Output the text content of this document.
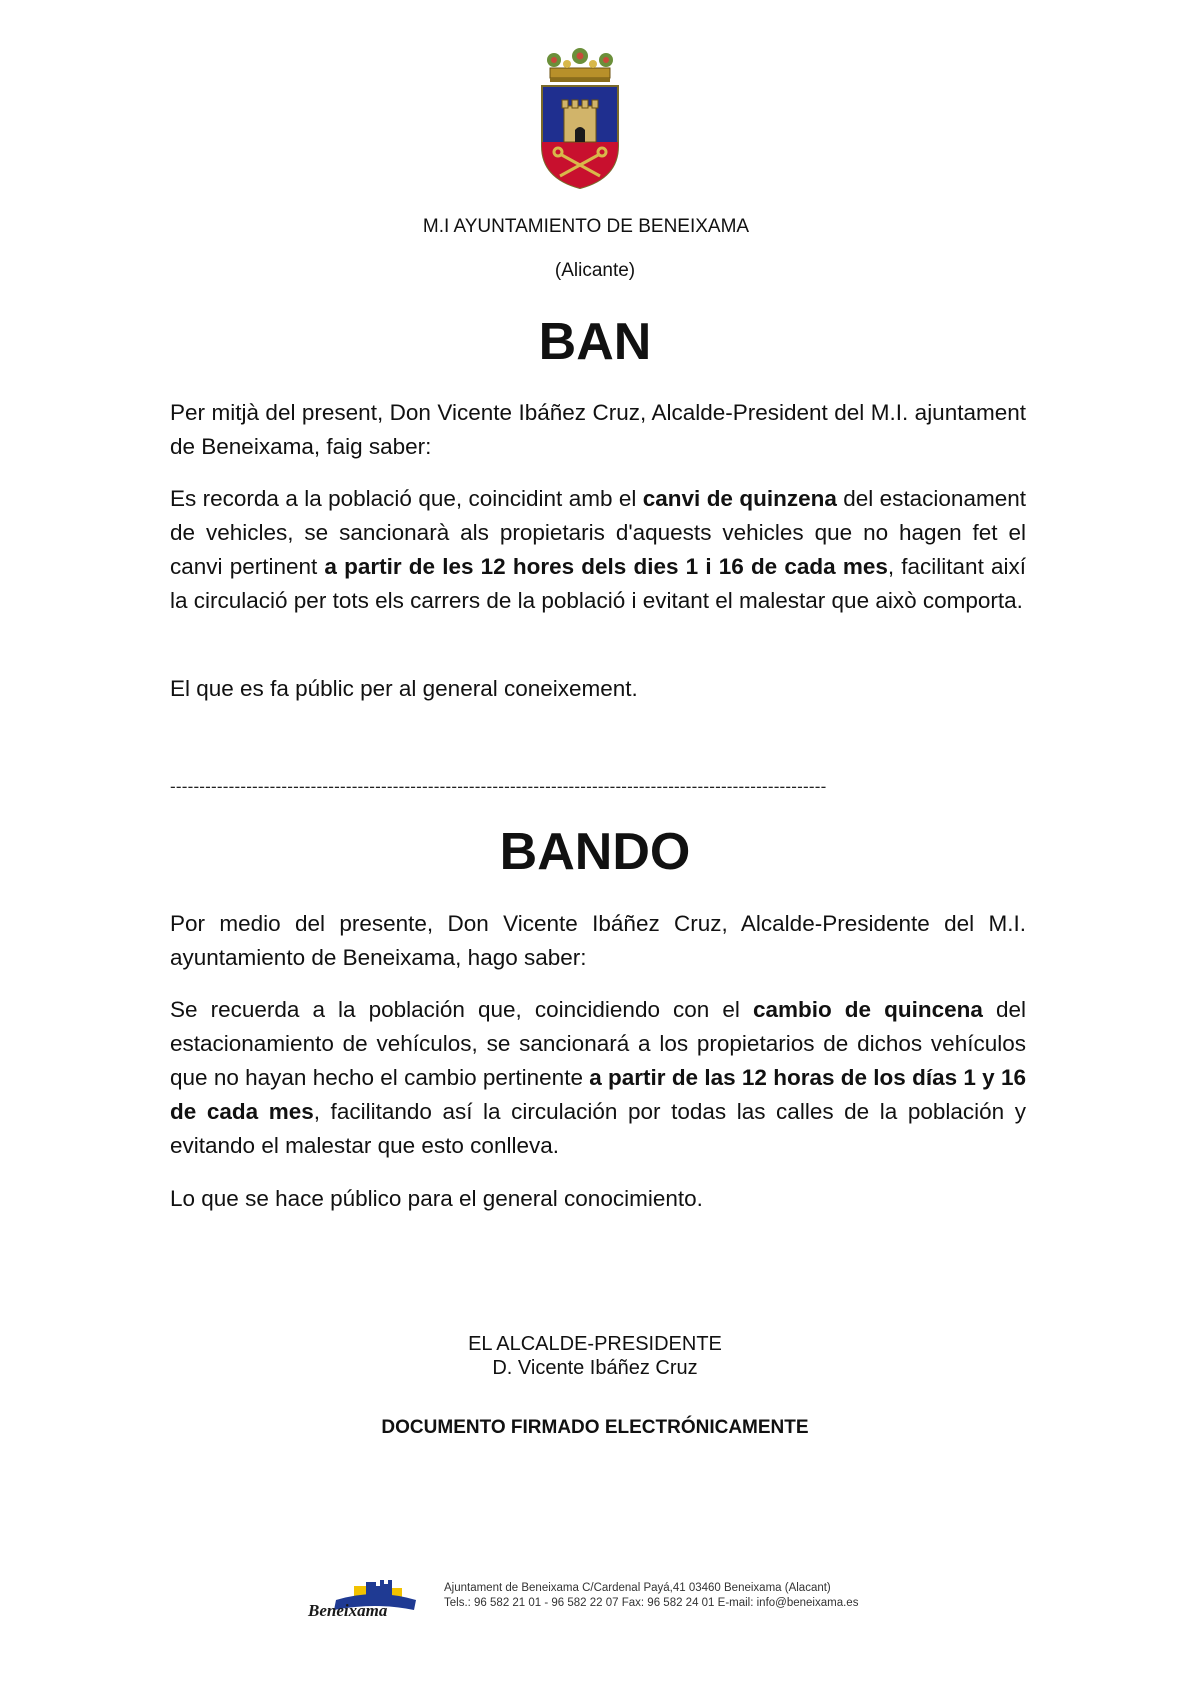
M.I AYUNTAMIENTO DE BENEIXAMA
(Alicante)
BAN
Per mitjà del present, Don Vicente Ibáñez Cruz, Alcalde-President del M.I. ajuntament de Beneixama, faig saber:
Es recorda a la població que, coincidint amb el canvi de quinzena del estacionament de vehicles, se sancionarà als propietaris d'aquests vehicles que no hagen fet el canvi pertinent a partir de les 12 hores dels dies 1 i 16 de cada mes, facilitant així la circulació per tots els carrers de la població i evitant el malestar que això comporta.
El que es fa públic per al general coneixement.
----------------------------------------------------------------------------------------------------------------
BANDO
Por medio del presente, Don Vicente Ibáñez Cruz, Alcalde-Presidente del M.I. ayuntamiento de Beneixama, hago saber:
Se recuerda a la población que, coincidiendo con el cambio de quincena del estacionamiento de vehículos, se sancionará a los propietarios de dichos vehículos que no hayan hecho el cambio pertinente a partir de las 12 horas de los días 1 y 16 de cada mes, facilitando así la circulación por todas las calles de la población y evitando el malestar que esto conlleva.
Lo que se hace público para el general conocimiento.
EL ALCALDE-PRESIDENTE
D. Vicente Ibáñez Cruz
DOCUMENTO FIRMADO ELECTRÓNICAMENTE
Beneixama
Ajuntament de Beneixama C/Cardenal Payá,41 03460 Beneixama (Alacant)
Tels.: 96 582 21 01 - 96 582 22 07 Fax: 96 582 24 01 E-mail: info@beneixama.es
